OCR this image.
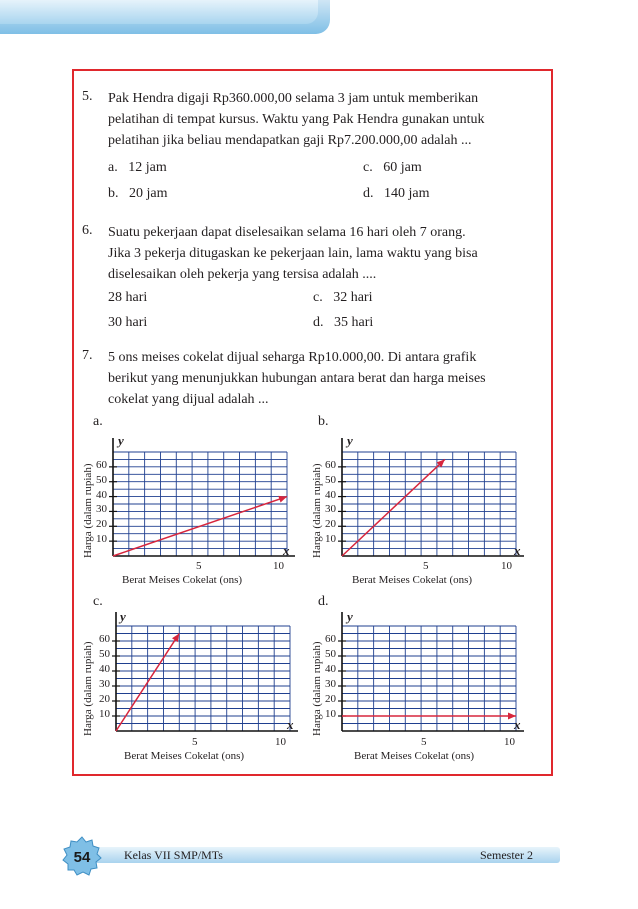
5. Pak Hendra digaji Rp360.000,00 selama 3 jam untuk memberikan
pelatihan di tempat kursus. Waktu yang Pak Hendra gunakan untuk
pelatihan jika beliau mendapatkan gaji Rp7.200.000,00 adalah ...
a. 12 jam	c. 60 jam
b. 20 jam	d. 140 jam
6. Suatu pekerjaan dapat diselesaikan selama 16 hari oleh 7 orang.
Jika 3 pekerja ditugaskan ke pekerjaan lain, lama waktu yang bisa
diselesaikan oleh pekerja yang tersisa adalah ....
28 hari	c. 32 hari
30 hari	d. 35 hari
7. 5 ons meises cokelat dijual seharga Rp10.000,00. Di antara grafik
berikut yang menunjukkan hubungan antara berat dan harga meises
cokelat yang dijual adalah ...
a.
10
20
30
40
50
60
5	10
y
x
Harga (dalam rupiah)
Berat Meises Cokelat (ons)
b.
10
20
30
40
50
60
5	10
y
x
Harga (dalam rupiah)
Berat Meises Cokelat (ons)
c.
10
20
30
40
50
60
5	10
y
x
Harga (dalam rupiah)
Berat Meises Cokelat (ons)
d.
10
20
30
40
50
60
5	10
y
x
Harga (dalam rupiah)
Berat Meises Cokelat (ons)
54	Kelas VII SMP/MTs	Semester 2
